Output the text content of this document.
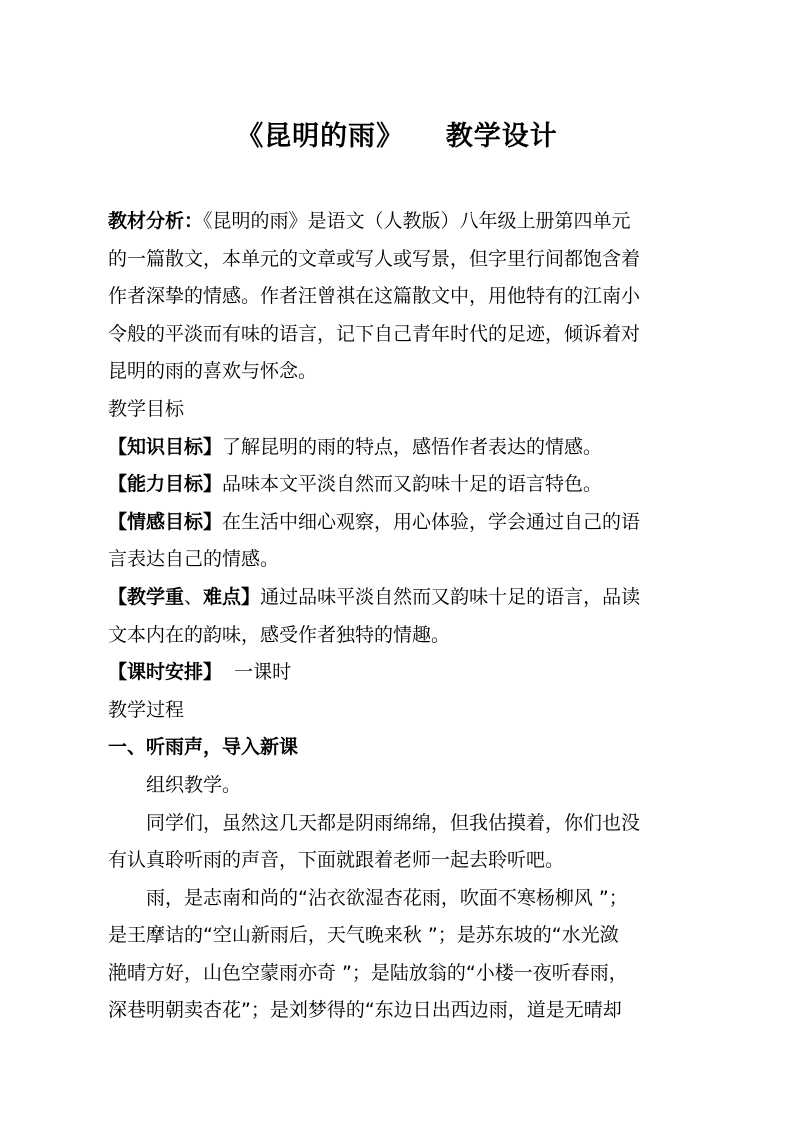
《昆明的雨》    教学设计
教材分析：《昆明的雨》是语文（人教版）八年级上册第四单元
的一篇散文，本单元的文章或写人或写景，但字里行间都饱含着
作者深挚的情感。作者汪曾祺在这篇散文中，用他特有的江南小
令般的平淡而有味的语言，记下自己青年时代的足迹，倾诉着对
昆明的雨的喜欢与怀念。
教学目标
【知识目标】了解昆明的雨的特点，感悟作者表达的情感。
【能力目标】品味本文平淡自然而又韵味十足的语言特色。
【情感目标】在生活中细心观察，用心体验，学会通过自己的语
言表达自己的情感。
【教学重、难点】通过品味平淡自然而又韵味十足的语言，品读
文本内在的韵味，感受作者独特的情趣。
【课时安排】  一课时
教学过程
一、听雨声，导入新课
组织教学。
同学们，虽然这几天都是阴雨绵绵，但我估摸着，你们也没
有认真聆听雨的声音，下面就跟着老师一起去聆听吧。
雨，是志南和尚的“沾衣欲湿杏花雨，吹面不寒杨柳风 ”；
是王摩诘的“空山新雨后，天气晚来秋 ”；是苏东坡的“水光潋
滟晴方好，山色空蒙雨亦奇 ”；是陆放翁的“小楼一夜听春雨，
深巷明朝卖杏花”；是刘梦得的“东边日出西边雨，道是无晴却
